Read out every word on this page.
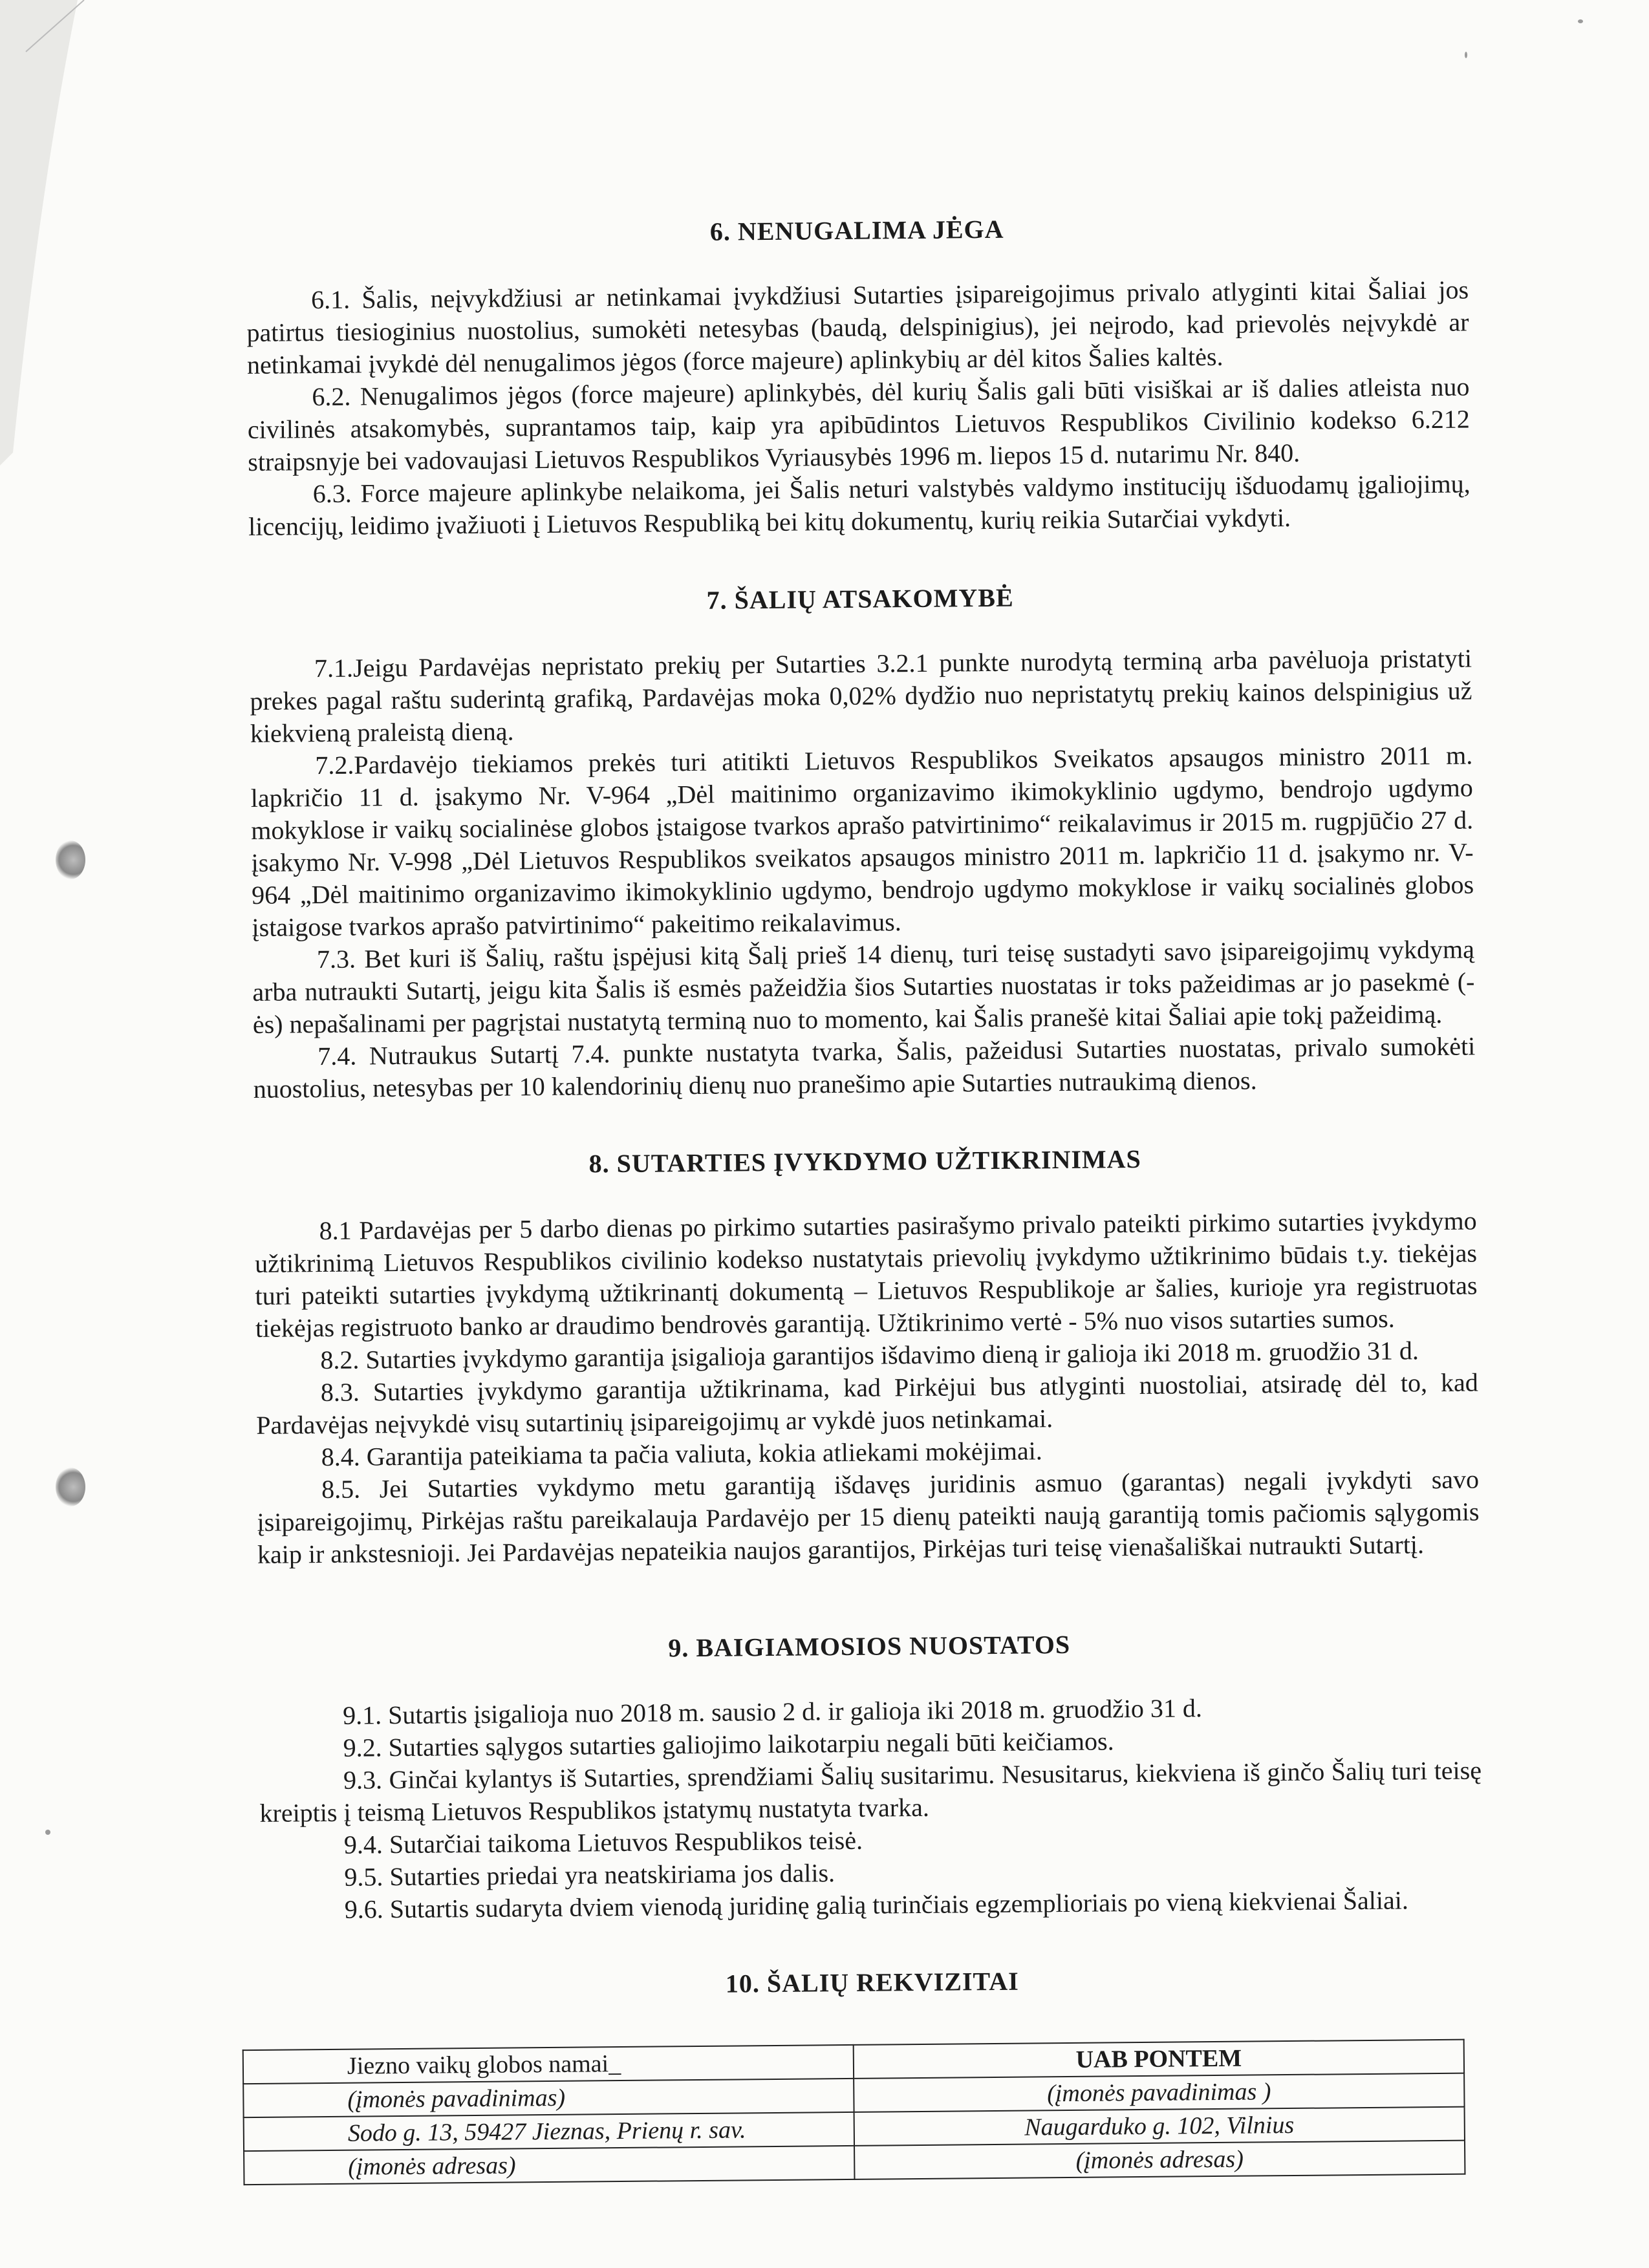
6. NENUGALIMA JĖGA

6.1. Šalis, neįvykdžiusi ar netinkamai įvykdžiusi Sutarties įsipareigojimus privalo atlyginti kitai Šaliai jos patirtus tiesioginius nuostolius, sumokėti netesybas (baudą, delspinigius), jei neįrodo, kad prievolės neįvykdė ar netinkamai įvykdė dėl nenugalimos jėgos (force majeure) aplinkybių ar dėl kitos Šalies kaltės.

6.2. Nenugalimos jėgos (force majeure) aplinkybės, dėl kurių Šalis gali būti visiškai ar iš dalies atleista nuo civilinės atsakomybės, suprantamos taip, kaip yra apibūdintos Lietuvos Respublikos Civilinio kodekso 6.212 straipsnyje bei vadovaujasi Lietuvos Respublikos Vyriausybės 1996 m. liepos 15 d. nutarimu Nr. 840.

6.3. Force majeure aplinkybe nelaikoma, jei Šalis neturi valstybės valdymo institucijų išduodamų įgaliojimų, licencijų, leidimo įvažiuoti į Lietuvos Respubliką bei kitų dokumentų, kurių reikia Sutarčiai vykdyti.

7. ŠALIŲ ATSAKOMYBĖ

7.1.Jeigu Pardavėjas nepristato prekių per Sutarties 3.2.1 punkte nurodytą terminą arba pavėluoja pristatyti prekes pagal raštu suderintą grafiką, Pardavėjas moka 0,02% dydžio nuo nepristatytų prekių kainos delspinigius už kiekvieną praleistą dieną.

7.2.Pardavėjo tiekiamos prekės turi atitikti Lietuvos Respublikos Sveikatos apsaugos ministro 2011 m. lapkričio 11 d. įsakymo Nr. V-964 „Dėl maitinimo organizavimo ikimokyklinio ugdymo, bendrojo ugdymo mokyklose ir vaikų socialinėse globos įstaigose tvarkos aprašo patvirtinimo“ reikalavimus ir 2015 m. rugpjūčio 27 d. įsakymo Nr. V-998 „Dėl Lietuvos Respublikos sveikatos apsaugos ministro 2011 m. lapkričio 11 d. įsakymo nr. V-964 „Dėl maitinimo organizavimo ikimokyklinio ugdymo, bendrojo ugdymo mokyklose ir vaikų socialinės globos įstaigose tvarkos aprašo patvirtinimo“ pakeitimo reikalavimus.

7.3. Bet kuri iš Šalių, raštu įspėjusi kitą Šalį prieš 14 dienų, turi teisę sustadyti savo įsipareigojimų vykdymą arba nutraukti Sutartį, jeigu kita Šalis iš esmės pažeidžia šios Sutarties nuostatas ir toks pažeidimas ar jo pasekmė (-ės) nepašalinami per pagrįstai nustatytą terminą nuo to momento, kai Šalis pranešė kitai Šaliai apie tokį pažeidimą.

7.4. Nutraukus Sutartį 7.4. punkte nustatyta tvarka, Šalis, pažeidusi Sutarties nuostatas, privalo sumokėti nuostolius, netesybas per 10 kalendorinių dienų nuo pranešimo apie Sutarties nutraukimą dienos.

8. SUTARTIES ĮVYKDYMO UŽTIKRINIMAS

8.1 Pardavėjas per 5 darbo dienas po pirkimo sutarties pasirašymo privalo pateikti pirkimo sutarties įvykdymo užtikrinimą Lietuvos Respublikos civilinio kodekso nustatytais prievolių įvykdymo užtikrinimo būdais t.y. tiekėjas turi pateikti sutarties įvykdymą užtikrinantį dokumentą – Lietuvos Respublikoje ar šalies, kurioje yra registruotas tiekėjas registruoto banko ar draudimo bendrovės garantiją. Užtikrinimo vertė - 5% nuo visos sutarties sumos.

8.2. Sutarties įvykdymo garantija įsigalioja garantijos išdavimo dieną ir galioja iki 2018 m. gruodžio 31 d.

8.3. Sutarties įvykdymo garantija užtikrinama, kad Pirkėjui bus atlyginti nuostoliai, atsiradę dėl to, kad Pardavėjas neįvykdė visų sutartinių įsipareigojimų ar vykdė juos netinkamai.

8.4. Garantija pateikiama ta pačia valiuta, kokia atliekami mokėjimai.

8.5. Jei Sutarties vykdymo metu garantiją išdavęs juridinis asmuo (garantas) negali įvykdyti savo įsipareigojimų, Pirkėjas raštu pareikalauja Pardavėjo per 15 dienų pateikti naują garantiją tomis pačiomis sąlygomis kaip ir ankstesnioji. Jei Pardavėjas nepateikia naujos garantijos, Pirkėjas turi teisę vienašališkai nutraukti Sutartį.

9. BAIGIAMOSIOS NUOSTATOS

9.1. Sutartis įsigalioja nuo 2018 m. sausio 2 d. ir galioja iki 2018 m. gruodžio 31 d.

9.2. Sutarties sąlygos sutarties galiojimo laikotarpiu negali būti keičiamos.

9.3. Ginčai kylantys iš Sutarties, sprendžiami Šalių susitarimu. Nesusitarus, kiekviena iš ginčo Šalių turi teisę kreiptis į teismą Lietuvos Respublikos įstatymų nustatyta tvarka.

9.4. Sutarčiai taikoma Lietuvos Respublikos teisė.

9.5. Sutarties priedai yra neatskiriama jos dalis.

9.6. Sutartis sudaryta dviem vienodą juridinę galią turinčiais egzemplioriais po vieną kiekvienai Šaliai.

10. ŠALIŲ REKVIZITAI
Jiezno vaikų globos namai_	UAB PONTEM
(įmonės pavadinimas)	(įmonės pavadinimas )
Sodo g. 13, 59427 Jieznas, Prienų r. sav.	Naugarduko g. 102, Vilnius
(įmonės adresas)	(įmonės adresas)
